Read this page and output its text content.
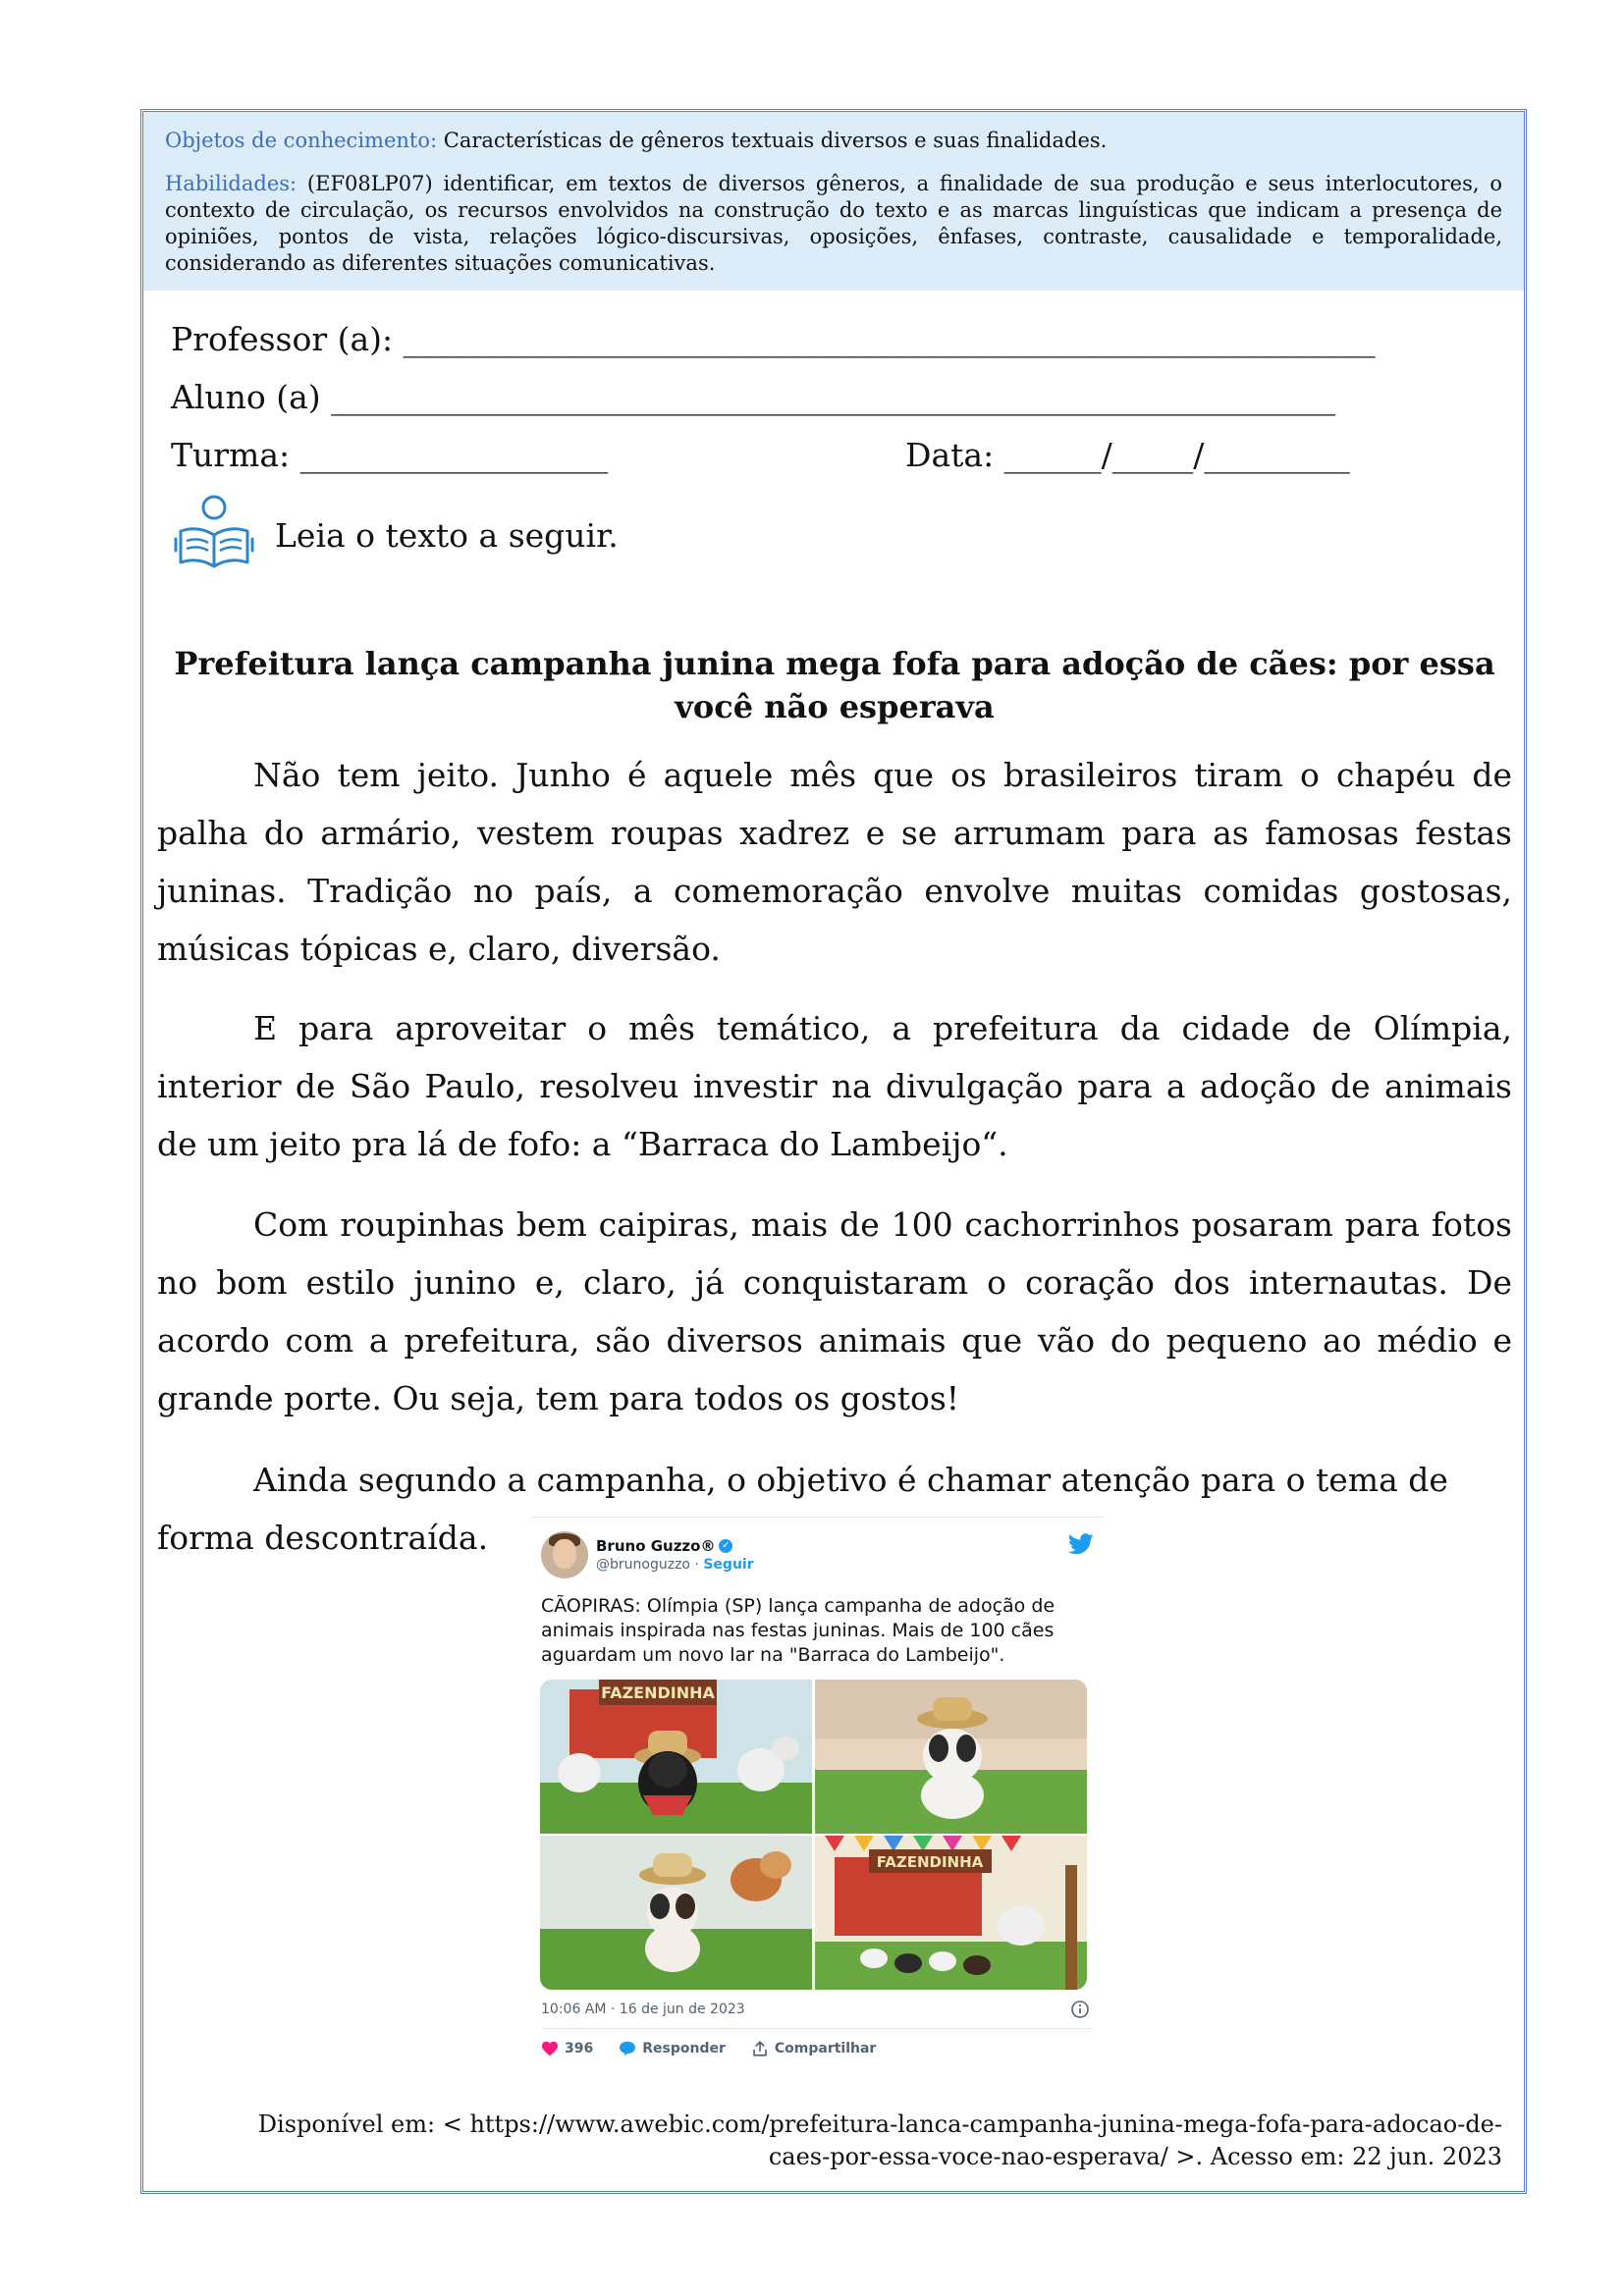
Objetos de conhecimento: Características de gêneros textuais diversos e suas finalidades.

Habilidades: (EF08LP07) identificar, em textos de diversos gêneros, a finalidade de sua produção e seus interlocutores, o contexto de circulação, os recursos envolvidos na construção do texto e as marcas linguísticas que indicam a presença de opiniões, pontos de vista, relações lógico-discursivas, oposições, ênfases, contraste, causalidade e temporalidade, considerando as diferentes situações comunicativas.

Professor (a): ____________________________________________________________
Aluno (a) ______________________________________________________________
Turma: ___________________	Data: ______/_____/_________
Leia o texto a seguir.
Prefeitura lança campanha junina mega fofa para adoção de cães: por essa você não esperava

Não tem jeito. Junho é aquele mês que os brasileiros tiram o chapéu de palha do armário, vestem roupas xadrez e se arrumam para as famosas festas juninas. Tradição no país, a comemoração envolve muitas comidas gostosas, músicas tópicas e, claro, diversão.

E para aproveitar o mês temático, a prefeitura da cidade de Olímpia, interior de São Paulo, resolveu investir na divulgação para a adoção de animais de um jeito pra lá de fofo: a “Barraca do Lambeijo“.

Com roupinhas bem caipiras, mais de 100 cachorrinhos posaram para fotos no bom estilo junino e, claro, já conquistaram o coração dos internautas. De acordo com a prefeitura, são diversos animais que vão do pequeno ao médio e grande porte. Ou seja, tem para todos os gostos!

Ainda segundo a campanha, o objetivo é chamar atenção para o tema de forma descontraída.	Bruno Guzzo ® ✓
@brunoguzzo · Seguir
CÃOPIRAS: Olímpia (SP) lança campanha de adoção de animais inspirada nas festas juninas. Mais de 100 cães aguardam um novo lar na "Barraca do Lambeijo".
FAZENDINHA
FAZENDINHA
10:06 AM · 16 de jun de 2023
396	Responder	Compartilhar
Disponível em: < https://www.awebic.com/prefeitura-lanca-campanha-junina-mega-fofa-para-adocao-de-
caes-por-essa-voce-nao-esperava/ >. Acesso em: 22 jun. 2023
